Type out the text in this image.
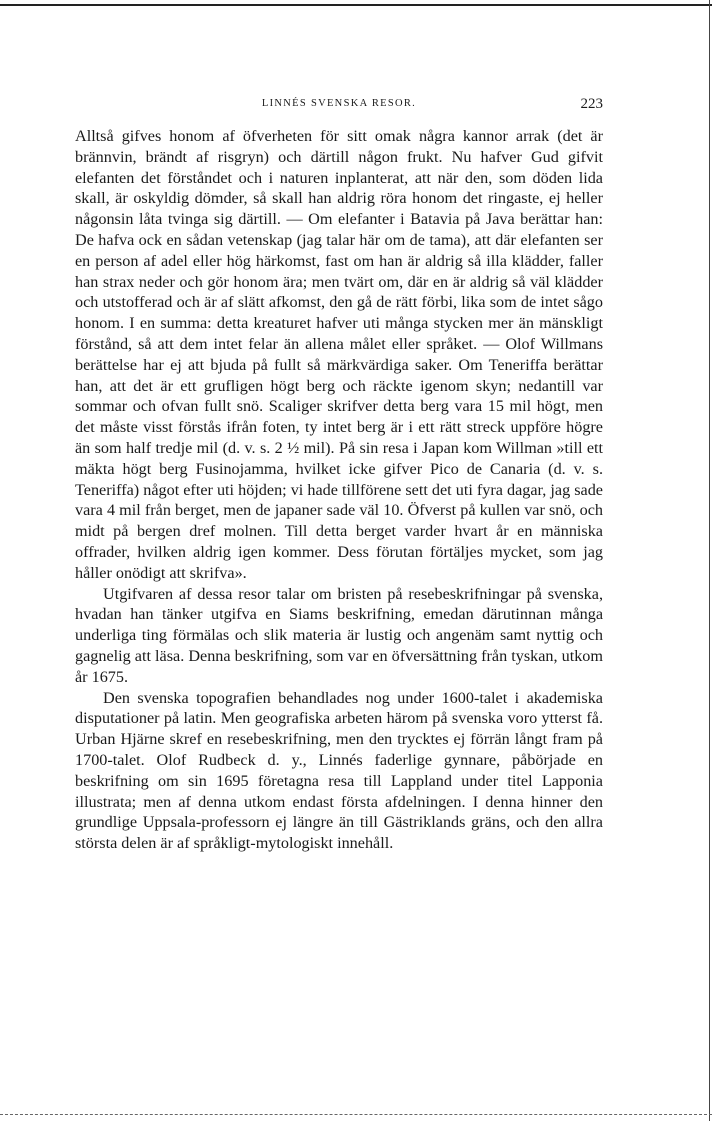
LINNÉS SVENSKA RESOR.	223

Alltså gifves honom af öfverheten för sitt omak några kannor arrak (det är brännvin, brändt af risgryn) och därtill någon frukt. Nu hafver Gud gifvit elefanten det förståndet och i naturen inplanterat, att när den, som döden lida skall, är oskyldig dömder, så skall han aldrig röra honom det ringaste, ej heller någonsin låta tvinga sig därtill. — Om elefanter i Batavia på Java berättar han: De hafva ock en sådan vetenskap (jag talar här om de tama), att där elefanten ser en person af adel eller hög härkomst, fast om han är aldrig så illa klädder, faller han strax neder och gör honom ära; men tvärt om, där en är aldrig så väl klädder och utstofferad och är af slätt afkomst, den gå de rätt förbi, lika som de intet sågo honom. I en summa: detta kreaturet hafver uti många stycken mer än mänskligt förstånd, så att dem intet felar än allena målet eller språket. — Olof Willmans berättelse har ej att bjuda på fullt så märkvärdiga saker. Om Teneriffa berättar han, att det är ett grufligen högt berg och räckte igenom skyn; nedantill var sommar och ofvan fullt snö. Scaliger skrifver detta berg vara 15 mil högt, men det måste visst förstås ifrån foten, ty intet berg är i ett rätt streck uppföre högre än som half tredje mil (d. v. s. 2 ½ mil). På sin resa i Japan kom Willman »till ett mäkta högt berg Fusinojamma, hvilket icke gifver Pico de Canaria (d. v. s. Teneriffa) något efter uti höjden; vi hade tillförene sett det uti fyra dagar, jag sade vara 4 mil från berget, men de japaner sade väl 10. Öfverst på kullen var snö, och midt på bergen dref molnen. Till detta berget varder hvart år en människa offrader, hvilken aldrig igen kommer. Dess förutan förtäljes mycket, som jag håller onödigt att skrifva».

Utgifvaren af dessa resor talar om bristen på resebeskrifningar på svenska, hvadan han tänker utgifva en Siams beskrifning, emedan därutinnan många underliga ting förmälas och slik materia är lustig och angenäm samt nyttig och gagnelig att läsa. Denna beskrifning, som var en öfversättning från tyskan, utkom år 1675.

Den svenska topografien behandlades nog under 1600-talet i akademiska disputationer på latin. Men geografiska arbeten härom på svenska voro ytterst få. Urban Hjärne skref en resebeskrifning, men den trycktes ej förrän långt fram på 1700-talet. Olof Rudbeck d. y., Linnés faderlige gynnare, påbörjade en beskrifning om sin 1695 företagna resa till Lappland under titel Lapponia illustrata; men af denna utkom endast första afdelningen. I denna hinner den grundlige Uppsala-professorn ej längre än till Gästriklands gräns, och den allra största delen är af språkligt-mytologiskt innehåll.
